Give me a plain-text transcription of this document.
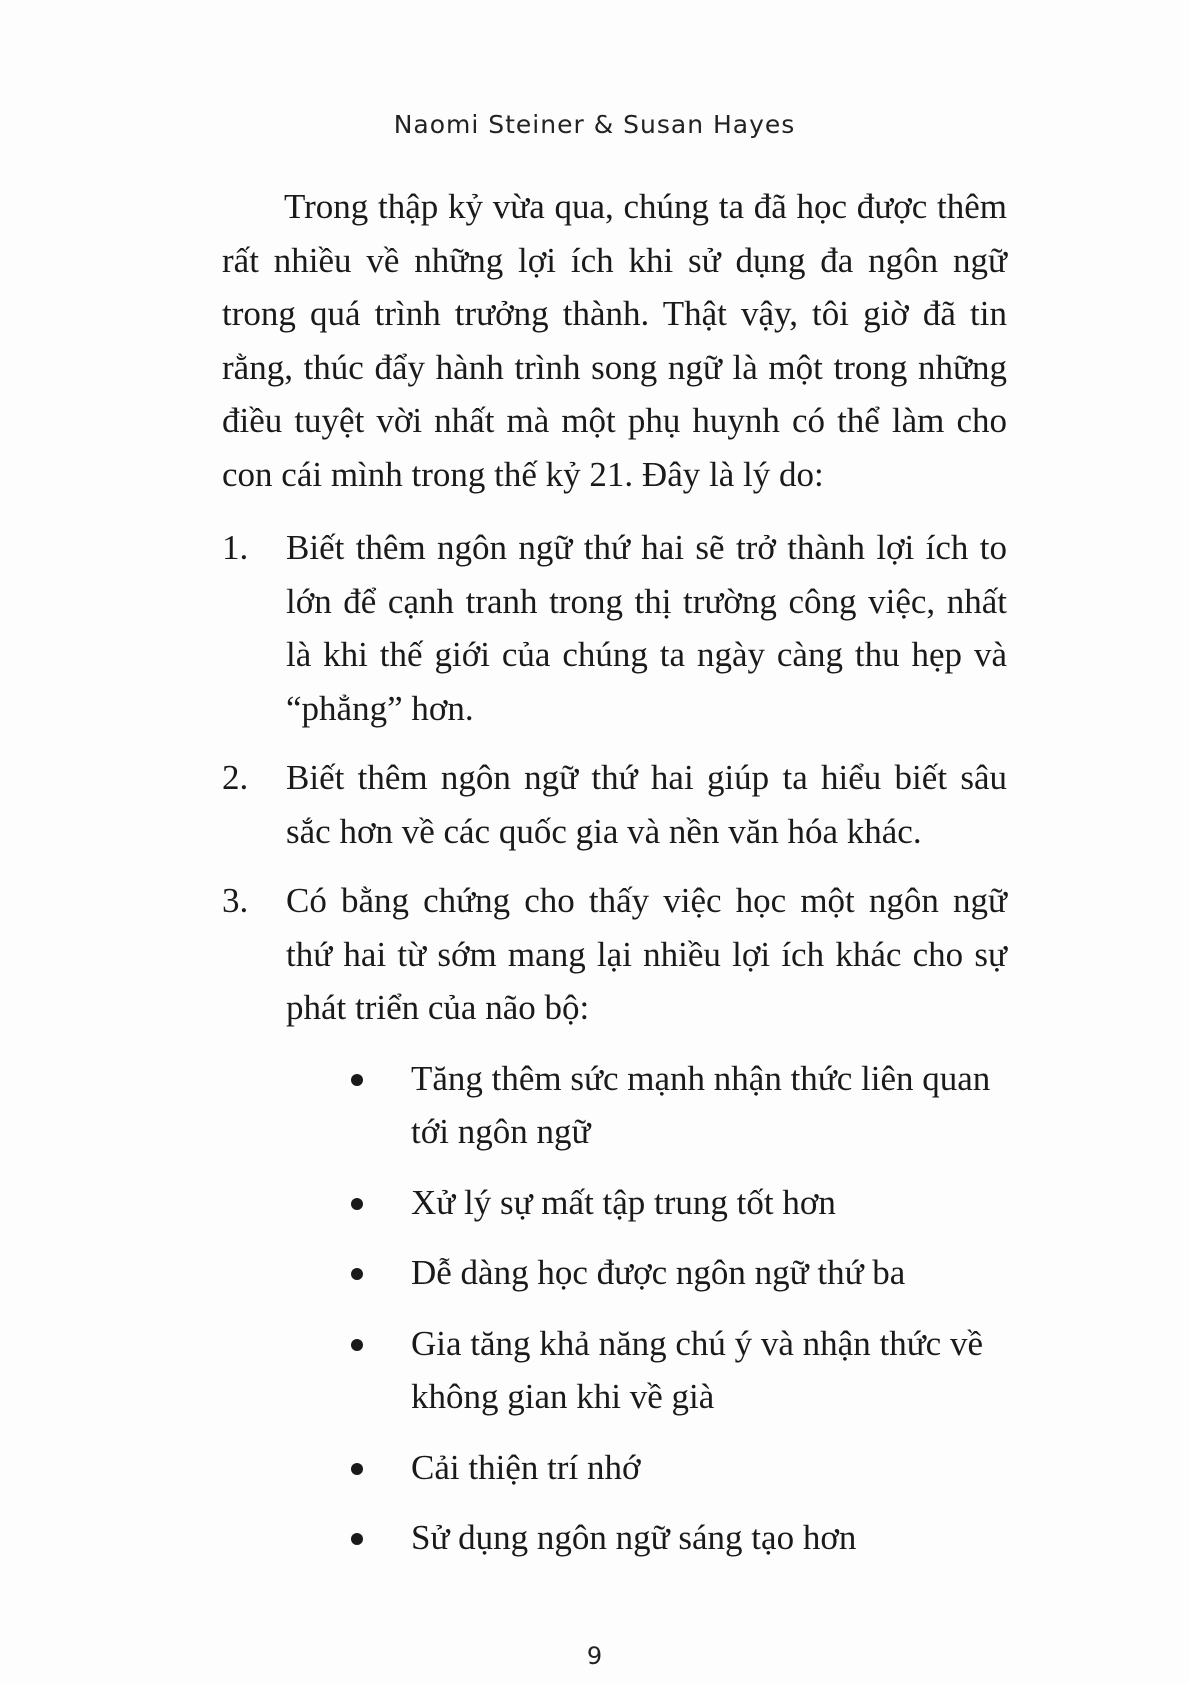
Naomi Steiner & Susan Hayes

Trong thập kỷ vừa qua, chúng ta đã học được thêm rất nhiều về những lợi ích khi sử dụng đa ngôn ngữ trong quá trình trưởng thành. Thật vậy, tôi giờ đã tin rằng, thúc đẩy hành trình song ngữ là một trong những điều tuyệt vời nhất mà một phụ huynh có thể làm cho con cái mình trong thế kỷ 21. Đây là lý do:

1. Biết thêm ngôn ngữ thứ hai sẽ trở thành lợi ích to lớn để cạnh tranh trong thị trường công việc, nhất là khi thế giới của chúng ta ngày càng thu hẹp và “phẳng” hơn.
2. Biết thêm ngôn ngữ thứ hai giúp ta hiểu biết sâu sắc hơn về các quốc gia và nền văn hóa khác.
3. Có bằng chứng cho thấy việc học một ngôn ngữ thứ hai từ sớm mang lại nhiều lợi ích khác cho sự phát triển của não bộ:
Tăng thêm sức mạnh nhận thức liên quan tới ngôn ngữ
Xử lý sự mất tập trung tốt hơn
Dễ dàng học được ngôn ngữ thứ ba
Gia tăng khả năng chú ý và nhận thức về không gian khi về già
Cải thiện trí nhớ
Sử dụng ngôn ngữ sáng tạo hơn
9
